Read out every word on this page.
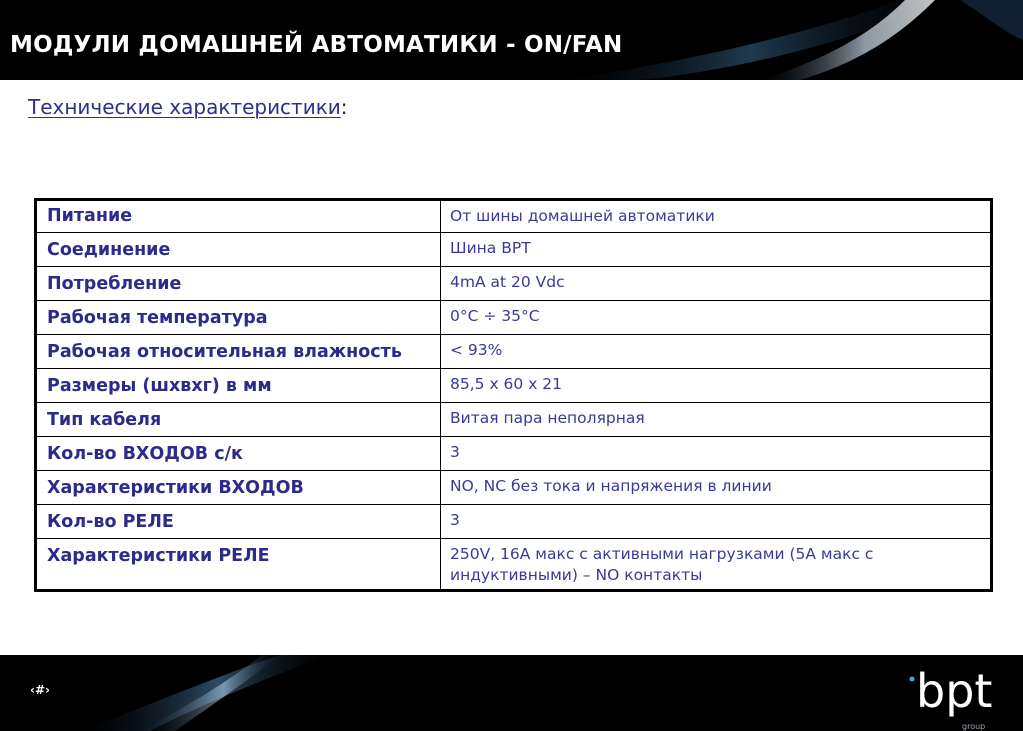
МОДУЛИ ДОМАШНЕЙ АВТОМАТИКИ - ON/FAN
Технические характеристики:
Питание	От шины домашней автоматики
Соединение	Шина BPT
Потребление	4mA at 20 Vdc
Рабочая температура	0°C ÷ 35°C
Рабочая относительная влажность	< 93%
Размеры (шхвхг) в мм	85,5 x 60 x 21
Тип кабеля	Витая пара неполярная
Кол-во ВХОДОВ с/к	3
Характеристики ВХОДОВ	NO, NC без тока и напряжения в линии
Кол-во РЕЛЕ	3
Характеристики РЕЛЕ	250V, 16A макс с активными нагрузками (5A макс с индуктивными) – NO контакты
‹#›	bpt
group
